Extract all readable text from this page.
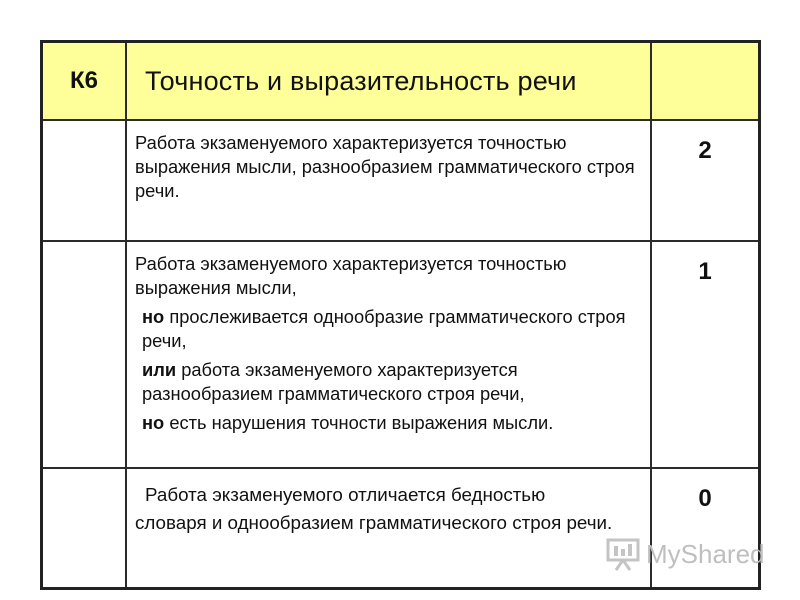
К6	Точность и выразительность речи	

	Работа экзаменуемого характеризуется точностью выражения мысли, разнообразием грамматического строя речи.	2

	Работа экзаменуемого характеризуется точностью выражения мысли,

но прослеживается однообразие грамматического строя речи,

или работа экзаменуемого характеризуется разнообразием грамматического строя речи,

но есть нарушения точности выражения мысли.	1

	Работа экзаменуемого отличается бедностью

словаря и однообразием грамматического строя речи.	0
MyShared
